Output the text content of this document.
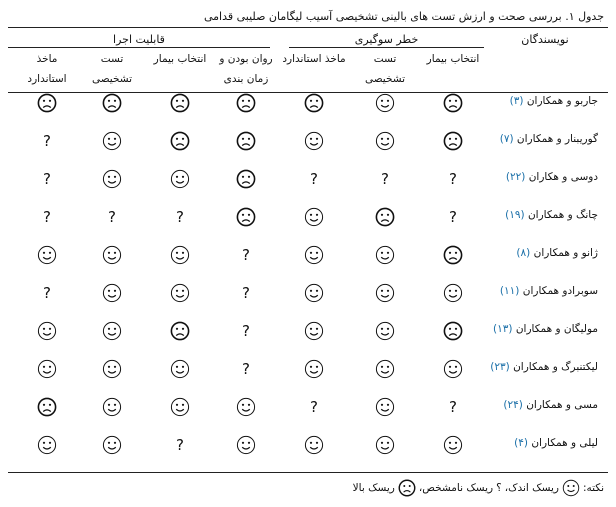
جدول ۱. بررسی صحت و ارزش تست های بالینی تشخیصی آسیب لیگامان صلیبی قدامی
نویسندگان
خطر سوگیری
قابلیت اجرا
انتخاب بیمار
تست
تشخیصی
ماخذ استاندارد
روان بودن و
زمان بندی
انتخاب بیمار
تست
تشخیصی
ماخذ
استاندارد
جاربو و همکاران (۳)
گوریبنار و همکاران (۷)
?
دوسی و هکاران (۲۲)
?
?
?
?
چانگ و همکاران (۱۹)
?
?
?
?
ژانو و همکاران (۸)
?
سوبرادو همکاران (۱۱)
?
?
مولیگان و همکاران (۱۳)
?
لیکتنبرگ و همکاران (۲۳)
?
مسی و همکاران (۲۴)
?
?
لیلی و همکاران (۴)
?
نکته:
ریسک اندک،
؟
ریسک نامشخص،
ریسک بالا
